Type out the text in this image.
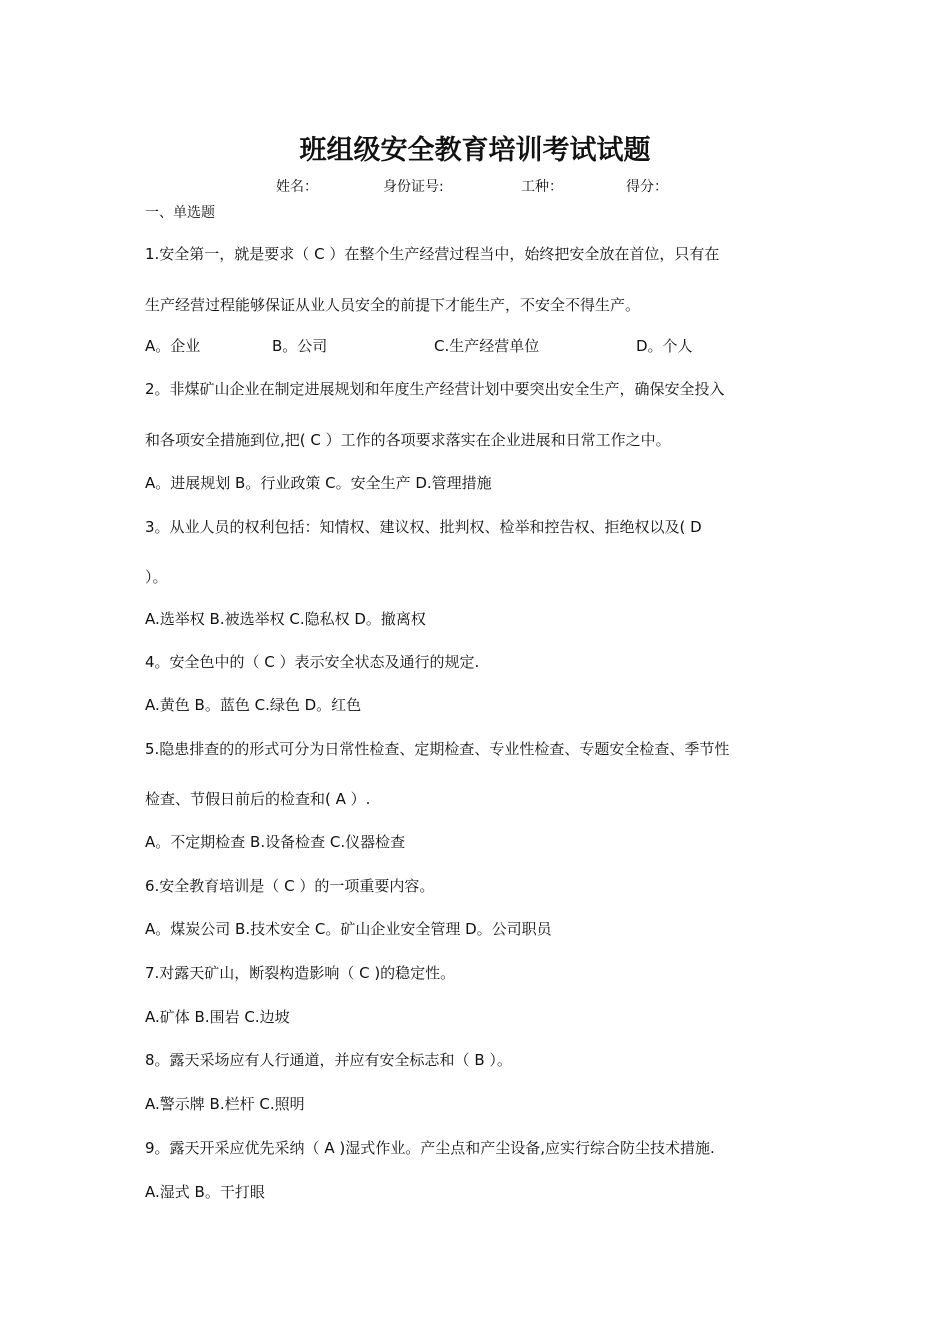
班组级安全教育培训考试试题
姓名：	身份证号:	工种：	得分：
一、单选题
1.安全第一，就是要求（ C ）在整个生产经营过程当中，始终把安全放在首位，只有在
生产经营过程能够保证从业人员安全的前提下才能生产，不安全不得生产。
A。企业	B。公司	C.生产经营单位	D。个人
2。非煤矿山企业在制定进展规划和年度生产经营计划中要突出安全生产，确保安全投入
和各项安全措施到位,把( C ）工作的各项要求落实在企业进展和日常工作之中。
A。进展规划 B。行业政策 C。安全生产 D.管理措施
3。从业人员的权利包括：知情权、建议权、批判权、检举和控告权、拒绝权以及( D
）。
A.选举权 B.被选举权 C.隐私权 D。撤离权
4。安全色中的（ C ）表示安全状态及通行的规定.
A.黄色 B。蓝色 C.绿色 D。红色
5.隐患排查的的形式可分为日常性检查、定期检查、专业性检查、专题安全检查、季节性
检查、节假日前后的检查和( A ）.
A。不定期检查 B.设备检查 C.仪器检查
6.安全教育培训是（ C ）的一项重要内容。
A。煤炭公司 B.技术安全 C。矿山企业安全管理 D。公司职员
7.对露天矿山，断裂构造影响（ C )的稳定性。
A.矿体 B.围岩 C.边坡
8。露天采场应有人行通道，并应有安全标志和（ B ）。
A.警示牌 B.栏杆 C.照明
9。露天开采应优先采纳（ A )湿式作业。产尘点和产尘设备,应实行综合防尘技术措施.
A.湿式 B。干打眼
